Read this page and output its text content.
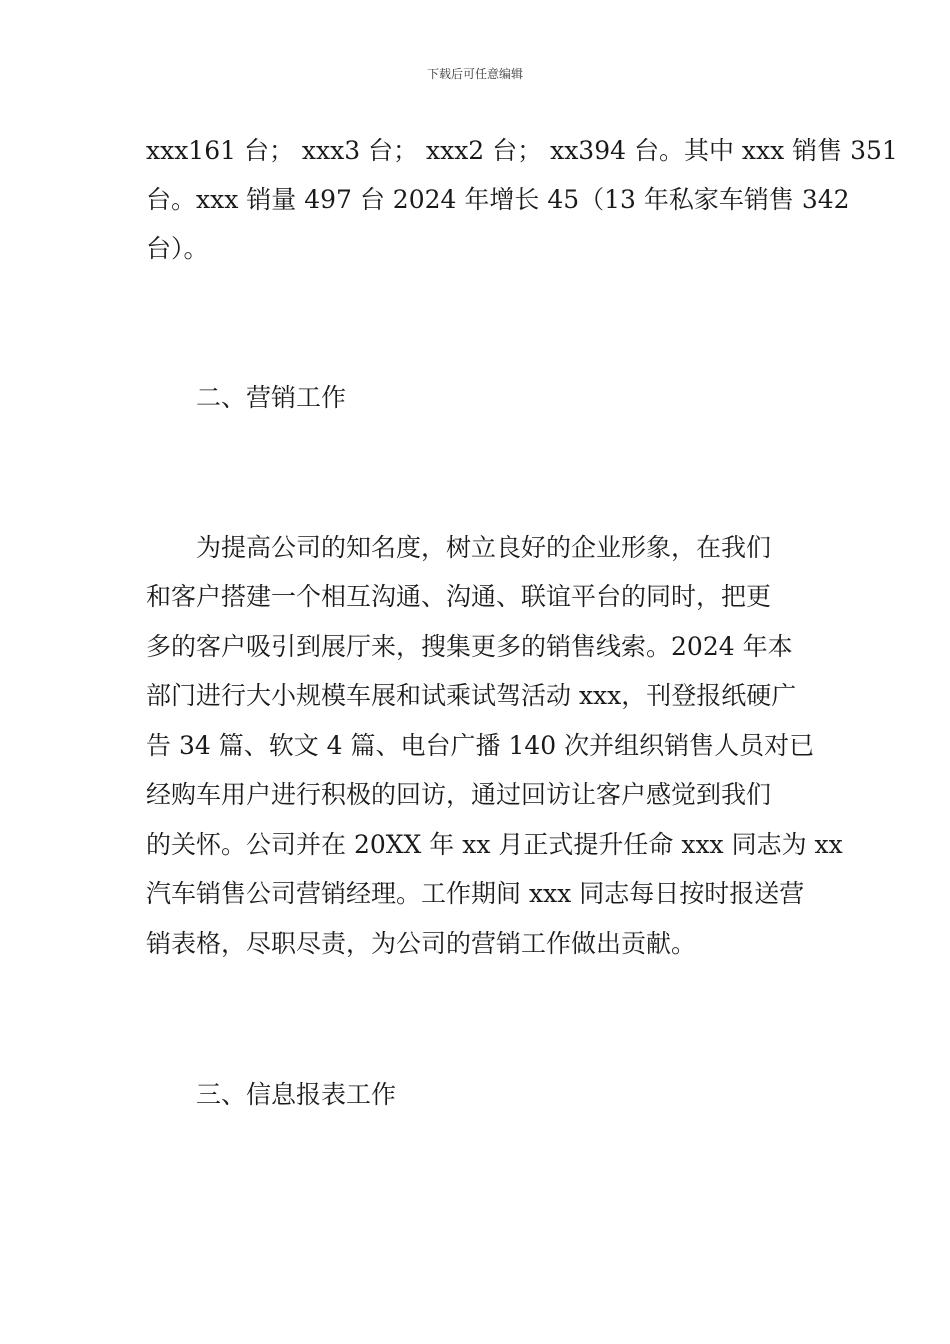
下载后可任意编辑
xxx161 台； xxx3 台； xxx2 台； xx394 台。其中 xxx 销售 351
台。xxx 销量 497 台 2024 年增长 45（13 年私家车销售 342
台）。
二、营销工作
为提高公司的知名度，树立良好的企业形象，在我们
和客户搭建一个相互沟通、沟通、联谊平台的同时，把更
多的客户吸引到展厅来，搜集更多的销售线索。2024 年本
部门进行大小规模车展和试乘试驾活动 xxx，刊登报纸硬广
告 34 篇、软文 4 篇、电台广播 140 次并组织销售人员对已
经购车用户进行积极的回访，通过回访让客户感觉到我们
的关怀。公司并在 20XX 年 xx 月正式提升任命 xxx 同志为 xx
汽车销售公司营销经理。工作期间 xxx 同志每日按时报送营
销表格，尽职尽责，为公司的营销工作做出贡献。
三、信息报表工作
